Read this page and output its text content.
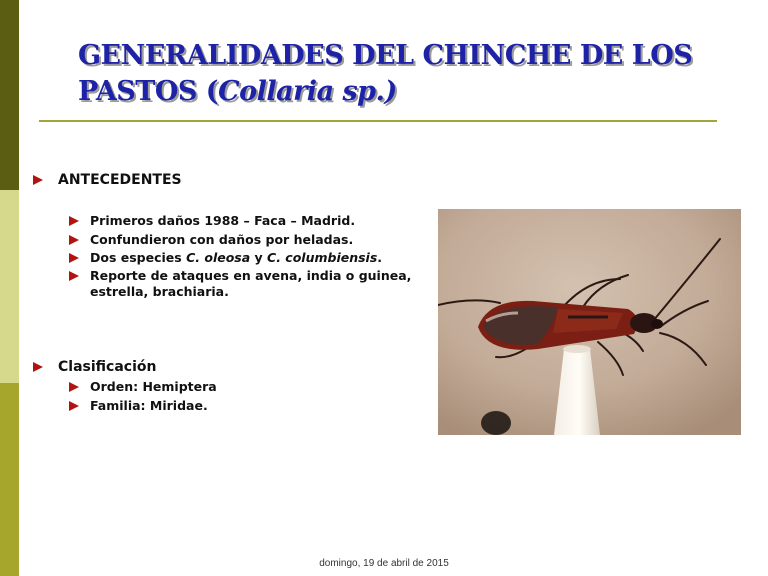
GENERALIDADES DEL CHINCHE DE LOS PASTOS (Collaria sp.)
ANTECEDENTES
Primeros daños 1988 – Faca – Madrid.
Confundieron con daños por heladas.
Dos especies C. oleosa y C. columbiensis.
Reporte de ataques en avena, india o guinea, estrella, brachiaria.
Clasificación
Orden: Hemiptera
Familia: Miridae.
domingo, 19 de abril de 2015
